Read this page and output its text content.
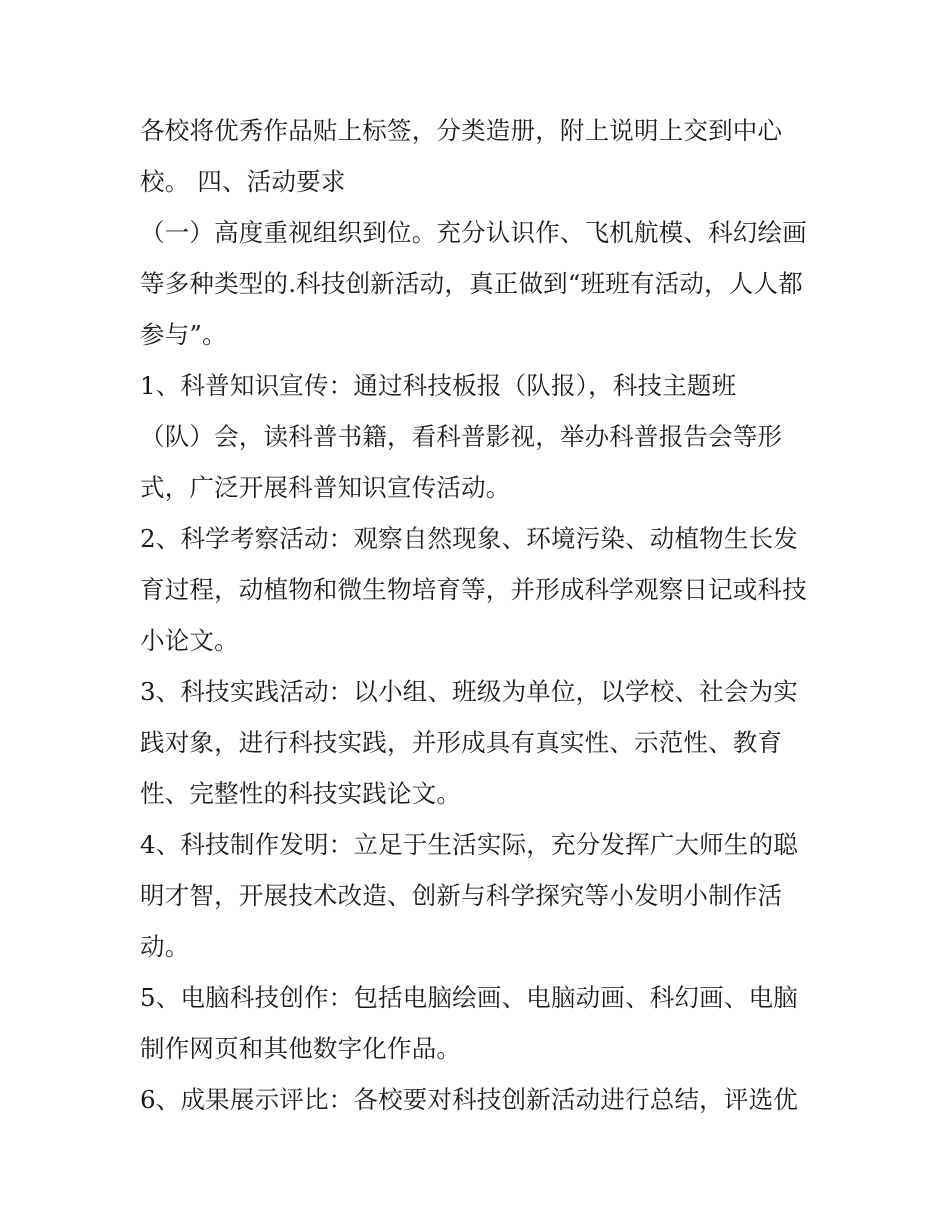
各校将优秀作品贴上标签，分类造册，附上说明上交到中心
校。 四、活动要求
（一）高度重视组织到位。充分认识作、飞机航模、科幻绘画
等多种类型的.科技创新活动，真正做到“班班有活动，人人都
参与”。
1、科普知识宣传：通过科技板报（队报），科技主题班
（队）会，读科普书籍，看科普影视，举办科普报告会等形
式，广泛开展科普知识宣传活动。
2、科学考察活动：观察自然现象、环境污染、动植物生长发
育过程，动植物和微生物培育等，并形成科学观察日记或科技
小论文。
3、科技实践活动：以小组、班级为单位，以学校、社会为实
践对象，进行科技实践，并形成具有真实性、示范性、教育
性、完整性的科技实践论文。
4、科技制作发明：立足于生活实际，充分发挥广大师生的聪
明才智，开展技术改造、创新与科学探究等小发明小制作活
动。
5、电脑科技创作：包括电脑绘画、电脑动画、科幻画、电脑
制作网页和其他数字化作品。
6、成果展示评比：各校要对科技创新活动进行总结，评选优
